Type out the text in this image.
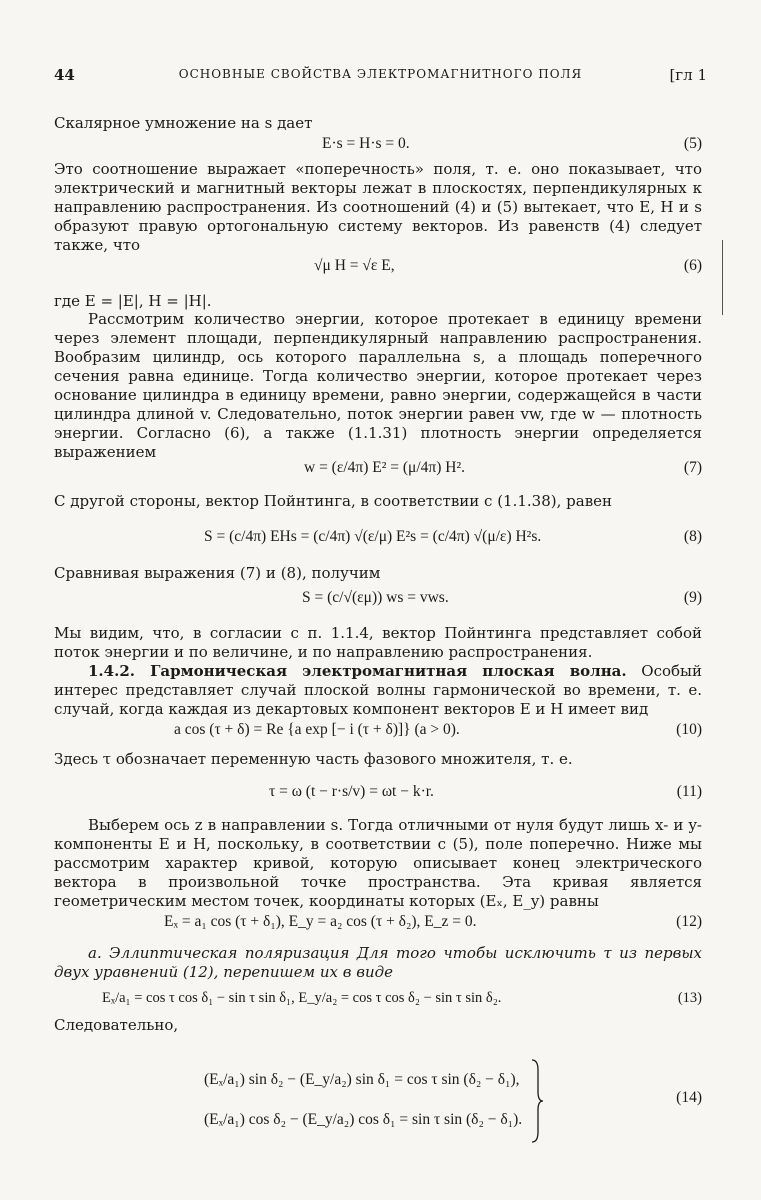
44	ОСНОВНЫЕ СВОЙСТВА ЭЛЕКТРОМАГНИТНОГО ПОЛЯ	[гл 1
Скалярное умножение на s дает
E·s = H·s = 0.	(5)
Это соотношение выражает «поперечность» поля, т. е. оно показывает, что электрический и магнитный векторы лежат в плоскостях, перпендикулярных к направлению распространения. Из соотношений (4) и (5) вытекает, что E, H и s образуют правую ортогональную систему векторов. Из равенств (4) следует также, что
√μ H = √ε E,	(6)
где E = |E|, H = |H|.
Рассмотрим количество энергии, которое протекает в единицу времени через элемент площади, перпендикулярный направлению распространения. Вообразим цилиндр, ось которого параллельна s, а площадь поперечного сечения равна единице. Тогда количество энергии, которое протекает через основание цилиндра в единицу времени, равно энергии, содержащейся в части цилиндра длиной v. Следовательно, поток энергии равен vw, где w — плотность энергии. Согласно (6), а также (1.1.31) плотность энергии определяется выражением
w = (ε/4π) E² = (μ/4π) H².	(7)
С другой стороны, вектор Пойнтинга, в соответствии с (1.1.38), равен
S = (c/4π) EHs = (c/4π) √(ε/μ) E²s = (c/4π) √(μ/ε) H²s.	(8)
Сравнивая выражения (7) и (8), получим
S = (c/√(εμ)) ws = vws.	(9)
Мы видим, что, в согласии с п. 1.1.4, вектор Пойнтинга представляет собой поток энергии и по величине, и по направлению распространения.
1.4.2. Гармоническая электромагнитная плоская волна. Особый интерес представляет случай плоской волны гармонической во времени, т. е. случай, когда каждая из декартовых компонент векторов E и H имеет вид
a cos (τ + δ) = Re {a exp [− i (τ + δ)]} (a > 0).	(10)
Здесь τ обозначает переменную часть фазового множителя, т. е.
τ = ω (t − r·s/v) = ωt − k·r.	(11)
Выберем ось z в направлении s. Тогда отличными от нуля будут лишь x- и y-компоненты E и H, поскольку, в соответствии с (5), поле поперечно. Ниже мы рассмотрим характер кривой, которую описывает конец электрического вектора в произвольной точке пространства. Эта кривая является геометрическим местом точек, координаты которых (Eₓ, E_y) равны
Eₓ = a₁ cos (τ + δ₁), E_y = a₂ cos (τ + δ₂), E_z = 0.	(12)
а. Эллиптическая поляризация Для того чтобы исключить τ из первых двух уравнений (12), перепишем их в виде
Eₓ/a₁ = cos τ cos δ₁ − sin τ sin δ₁, E_y/a₂ = cos τ cos δ₂ − sin τ sin δ₂.	(13)
Следовательно,
(Eₓ/a₁) sin δ₂ − (E_y/a₂) sin δ₁ = cos τ sin (δ₂ − δ₁),
(Eₓ/a₁) cos δ₂ − (E_y/a₂) cos δ₁ = sin τ sin (δ₂ − δ₁).
(14)
